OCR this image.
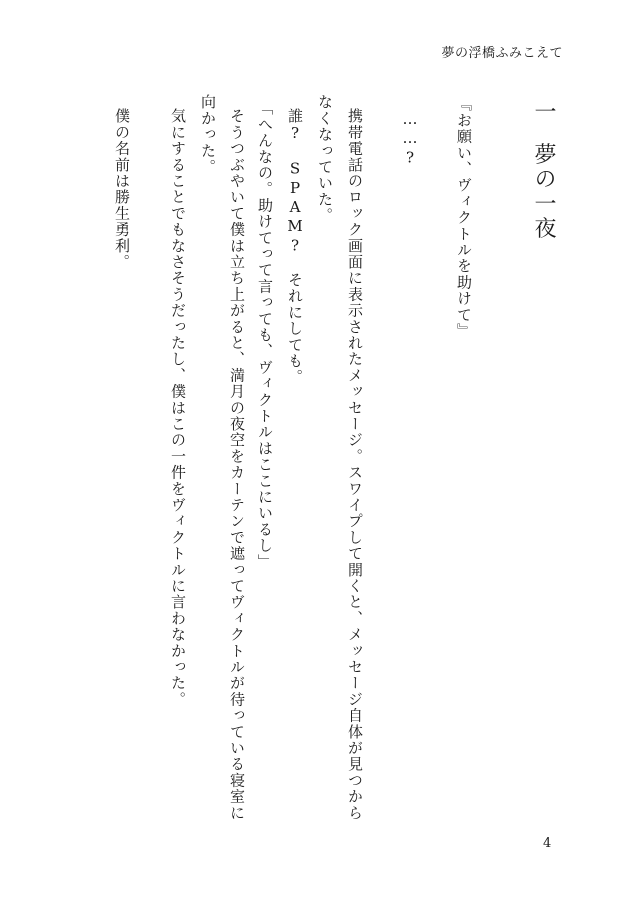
夢の浮橋ふみこえて
一夢の一夜
『お願い、ヴィクトルを助けて』
……?
携帯電話のロック画面に表示されたメッセージ。スワイプして開くと、メッセージ自体が見つから
なくなっていた。
誰?　SPAM?　それにしても。
「へんなの。助けてって言っても、ヴィクトルはここにいるし」
そうつぶやいて僕は立ち上がると、満月の夜空をカーテンで遮ってヴィクトルが待っている寝室に
向かった。
気にすることでもなさそうだったし、僕はこの一件をヴィクトルに言わなかった。
僕の名前は勝生勇利。
4
